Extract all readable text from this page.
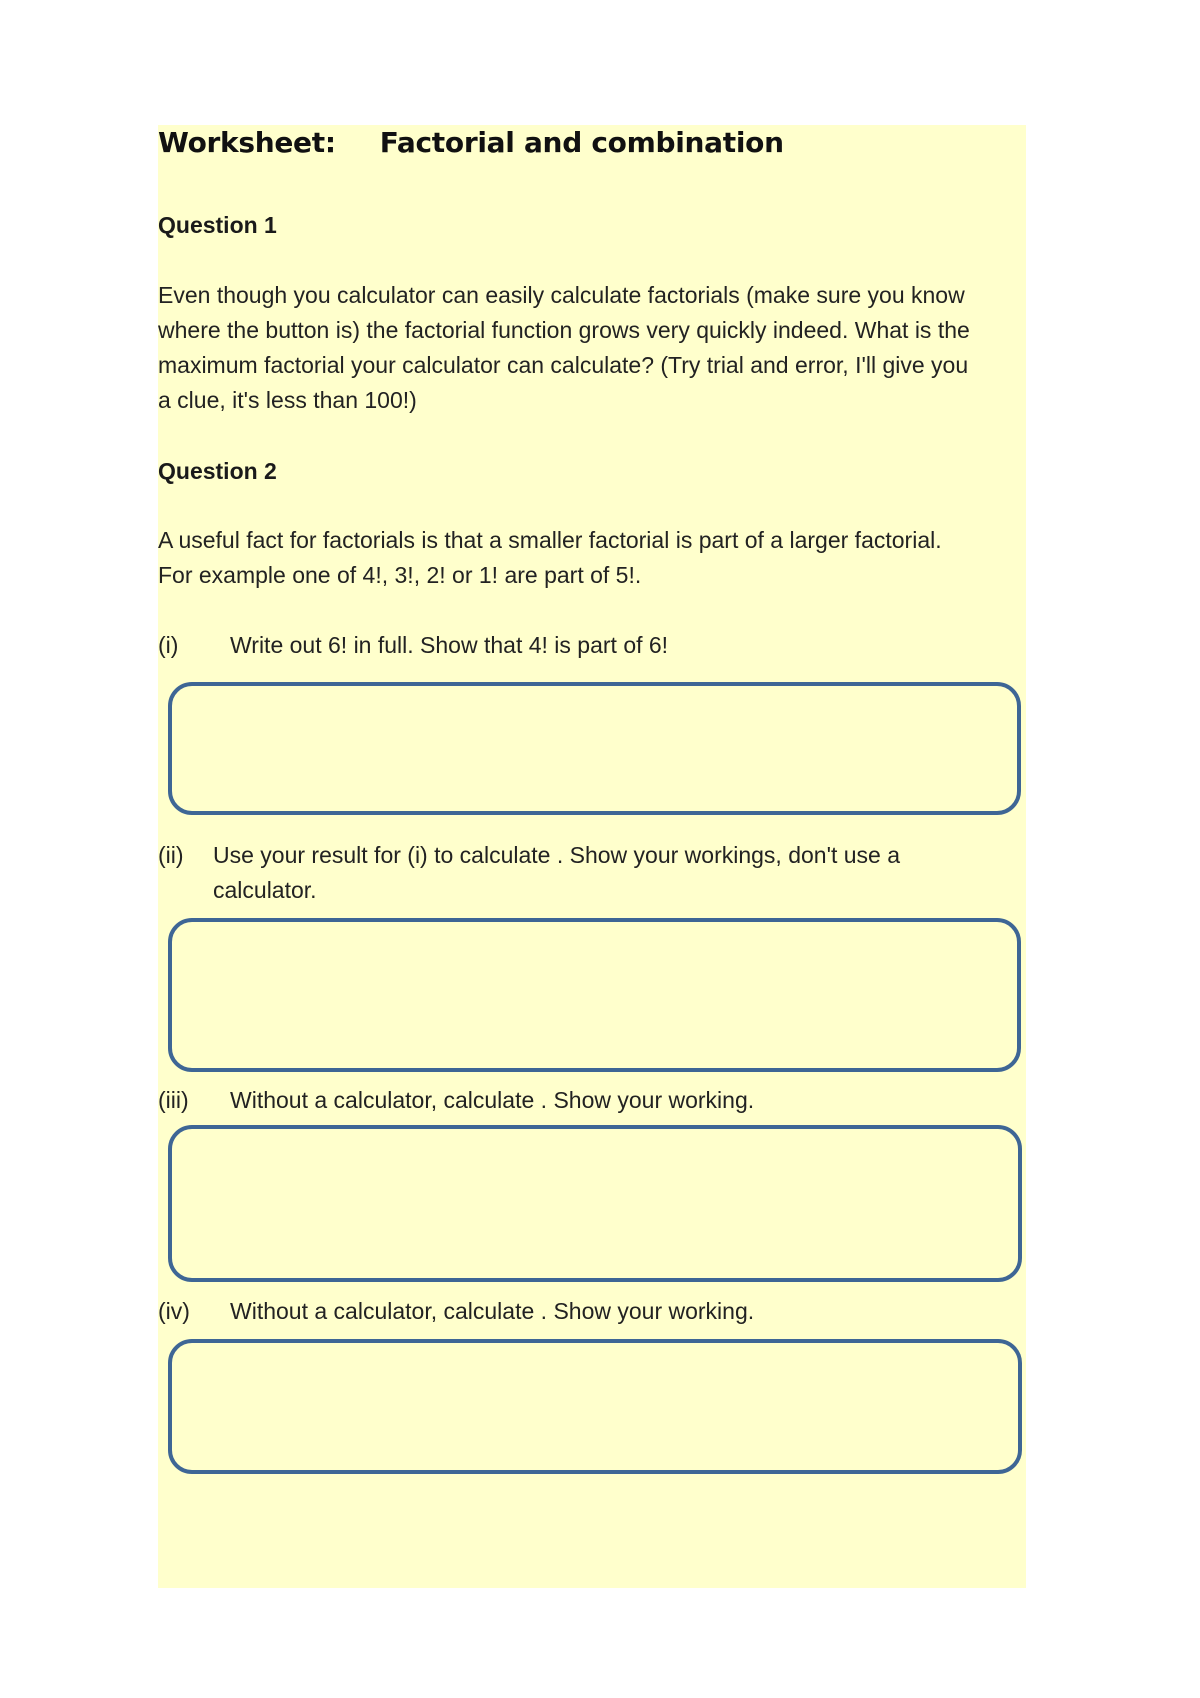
Worksheet: Factorial and combination
Question 1
Even though you calculator can easily calculate factorials (make sure you know
where the button is) the factorial function grows very quickly indeed. What is the
maximum factorial your calculator can calculate? (Try trial and error, I'll give you
a clue, it's less than 100!)
Question 2
A useful fact for factorials is that a smaller factorial is part of a larger factorial.
For example one of 4!, 3!, 2! or 1! are part of 5!.
(i) Write out 6! in full. Show that 4! is part of 6!
(ii) Use your result for (i) to calculate . Show your workings, don't use a
calculator.
(iii) Without a calculator, calculate . Show your working.
(iv) Without a calculator, calculate . Show your working.
